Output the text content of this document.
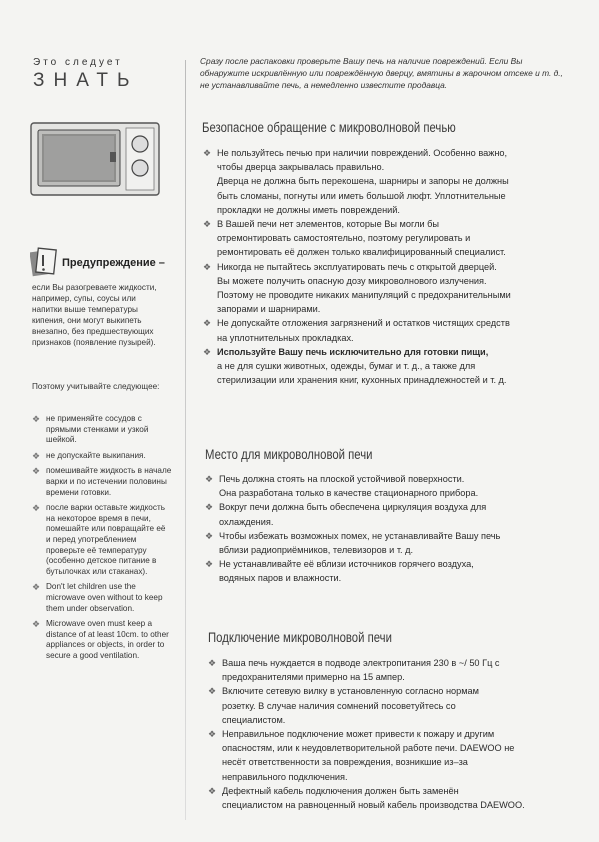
Это следует
ЗНАТЬ
Предупреждение –
если Вы разогреваете жидкости, например, супы, соусы или напитки выше температуры кипения, они могут выкипеть внезапно, без предшествующих признаков (появление пузырей).
Поэтому учитывайте следующее:
❖ не применяйте сосудов с прямыми стенками и узкой шейкой.
❖ не допускайте выкипания.
❖ помешивайте жидкость в начале варки и по истечении половины времени готовки.
❖ после варки оставьте жидкость на некоторое время в печи, помешайте или повращайте её и перед употреблением проверьте её температуру (особенно детское питание в бутылочках или стаканах).
❖ Don't let children use the microwave oven without to keep them under observation.
❖ Microwave oven must keep a distance of at least 10cm. to other appliances or objects, in order to secure a good ventilation.
Сразу после распаковки проверьте Вашу печь на наличие повреждений. Если Вы обнаружите искривлённую или повреждённую дверцу, вмятины в жарочном отсеке и т. д., не устанавливайте печь, а немедленно известите продавца.
Безопасное обращение с микроволновой печью
❖ Не пользуйтесь печью при наличии повреждений. Особенно важно,
чтобы дверца закрывалась правильно.
Дверца не должна быть перекошена, шарниры и запоры не должны
быть сломаны, погнуты или иметь большой люфт. Уплотнительные
прокладки не должны иметь повреждений.
❖ В Вашей печи нет элементов, которые Вы могли бы
отремонтировать самостоятельно, поэтому регулировать и
ремонтировать её должен только квалифицированный специалист.
❖ Никогда не пытайтесь эксплуатировать печь с открытой дверцей.
Вы можете получить опасную дозу микроволнового излучения.
Поэтому не проводите никаких манипуляций с предохранительными
запорами и шарнирами.
❖ Не допускайте отложения загрязнений и остатков чистящих средств
на уплотнительных прокладках.
❖ Используйте Вашу печь исключительно для готовки пищи,
а не для сушки животных, одежды, бумаг и т. д., а также для
стерилизации или хранения книг, кухонных принадлежностей и т. д.
Место для микроволновой печи
❖ Печь должна стоять на плоской устойчивой поверхности.
Она разработана только в качестве стационарного прибора.
❖ Вокруг печи должна быть обеспечена циркуляция воздуха для
охлаждения.
❖ Чтобы избежать возможных помех, не устанавливайте Вашу печь
вблизи радиоприёмников, телевизоров и т. д.
❖ Не устанавливайте её вблизи источников горячего воздуха,
водяных паров и влажности.
Подключение микроволновой печи
❖ Ваша печь нуждается в подводе электропитания 230 в ~/ 50 Гц с
предохранителями примерно на 15 ампер.
❖ Включите сетевую вилку в установленную согласно нормам
розетку. В случае наличия сомнений посоветуйтесь со
специалистом.
❖ Неправильное подключение может привести к пожару и другим
опасностям, или к неудовлетворительной работе печи. DAEWOO не
несёт ответственности за повреждения, возникшие из–за
неправильного подключения.
❖ Дефектный кабель подключения должен быть заменён
специалистом на равноценный новый кабель производства DAEWOO.
